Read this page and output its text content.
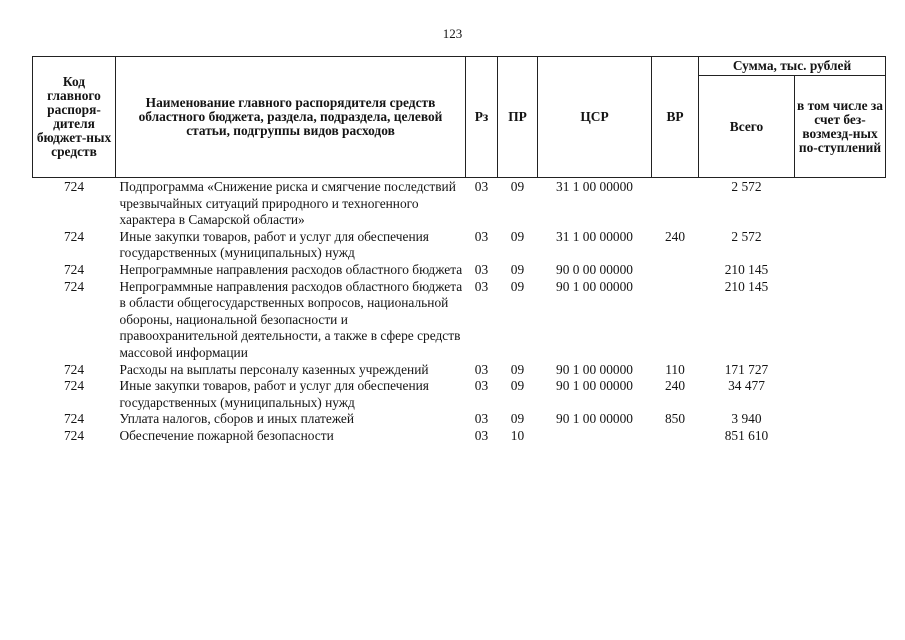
123
Код главного распоря-дителя бюджет-ных средств	Наименование главного распорядителя средств областного бюджета, раздела, подраздела, целевой статьи, подгруппы видов расходов	Рз	ПР	ЦСР	ВР	Сумма, тыс. рублей	
						Всего	в том числе за счет без-возмезд-ных по-ступлений
724	Подпрограмма «Снижение риска и смягчение последствий чрезвычайных ситуаций природного и техногенного характера в Самарской области»	03	09	31 1 00 00000		2 572	
724	Иные закупки товаров, работ и услуг для обеспечения государственных (муниципальных) нужд	03	09	31 1 00 00000	240	2 572	
724	Непрограммные направления расходов областного бюджета	03	09	90 0 00 00000		210 145	
724	Непрограммные направления расходов областного бюджета в области общегосударственных вопросов, национальной обороны, национальной безопасности и правоохранительной деятельности, а также в сфере средств массовой информации	03	09	90 1 00 00000		210 145	
724	Расходы на выплаты персоналу казенных учреждений	03	09	90 1 00 00000	110	171 727	
724	Иные закупки товаров, работ и услуг для обеспечения государственных (муниципальных) нужд	03	09	90 1 00 00000	240	34 477	
724	Уплата налогов, сборов и иных платежей	03	09	90 1 00 00000	850	3 940	
724	Обеспечение пожарной безопасности	03	10			851 610	
